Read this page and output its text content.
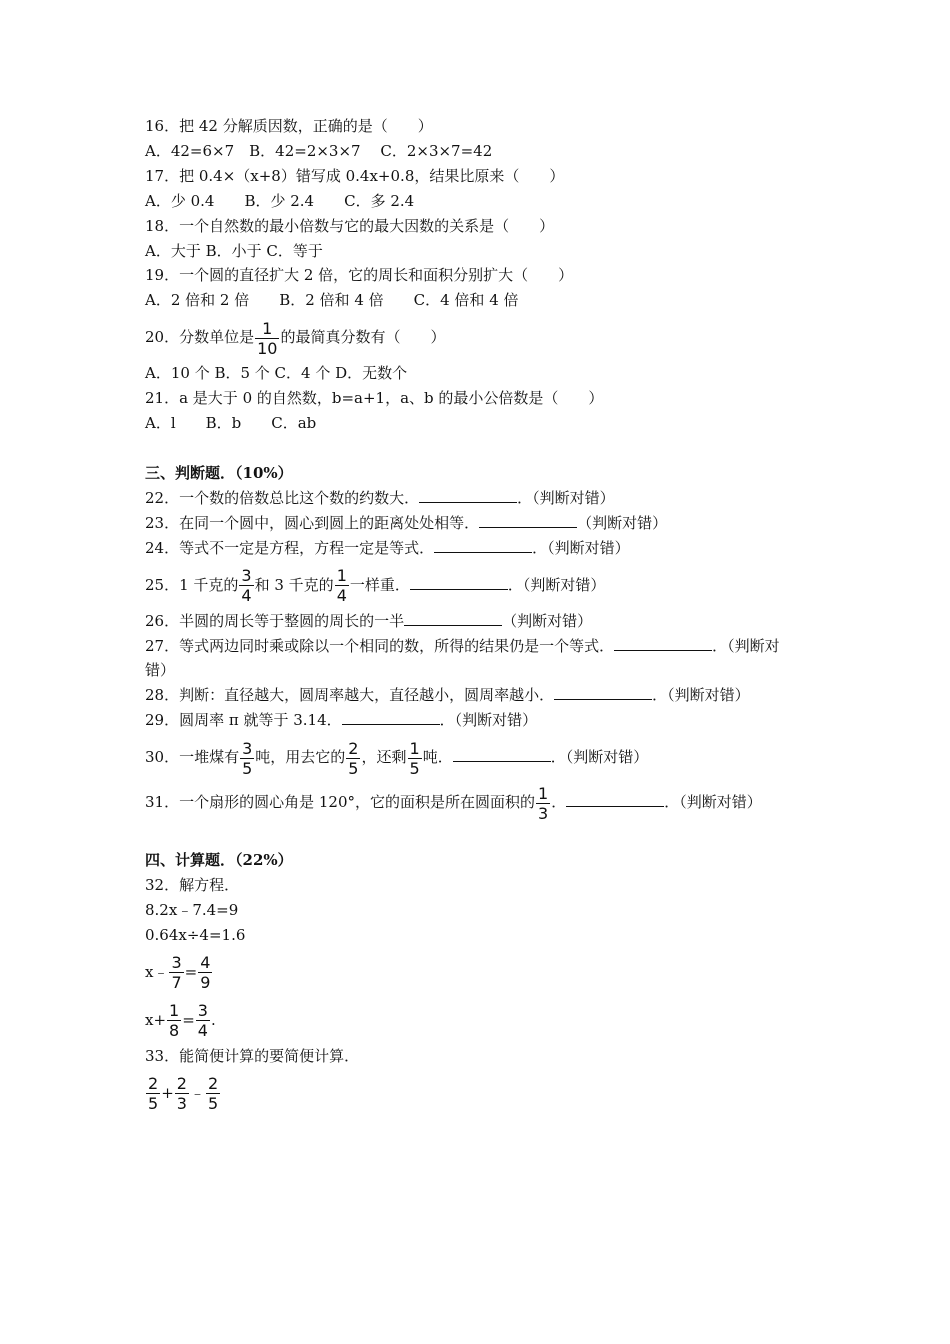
16．把 42 分解质因数，正确的是（　　）
A．42=6×7　B．42=2×3×7　 C．2×3×7=42
17．把 0.4×（x+8）错写成 0.4x+0.8，结果比原来（　　）
A．少 0.4　　B．少 2.4　　C．多 2.4
18．一个自然数的最小倍数与它的最大因数的关系是（　　）
A．大于 B．小于 C．等于
19．一个圆的直径扩大 2 倍，它的周长和面积分别扩大（　　）
A．2 倍和 2 倍　　B．2 倍和 4 倍　　C．4 倍和 4 倍
20．分数单位是 $\frac{1}{10}$ 的最简真分数有（　　）
A．10 个 B．5 个 C．4 个 D．无数个
21．a 是大于 0 的自然数，b=a+1，a、b 的最小公倍数是（　　）
A．l　　B．b　　C．ab
三、判断题．（10%）
22．一个数的倍数总比这个数的约数大．	．（判断对错）
23．在同一个圆中，圆心到圆上的距离处处相等．	（判断对错）
24．等式不一定是方程，方程一定是等式．	．（判断对错）
25．1 千克的 $\frac{3}{4}$ 和 3 千克的 $\frac{1}{4}$ 一样重．	．（判断对错）
26．半圆的周长等于整圆的周长的一半	（判断对错）
27．等式两边同时乘或除以一个相同的数，所得的结果仍是一个等式．	．（判断对错）
28．判断：直径越大，圆周率越大，直径越小，圆周率越小．	．（判断对错）
29．圆周率 π 就等于 3.14．	．（判断对错）
30．一堆煤有 $\frac{3}{5}$ 吨，用去它的 $\frac{2}{5}$ ，还剩 $\frac{1}{5}$ 吨．	．（判断对错）
31．一个扇形的圆心角是 120°，它的面积是所在圆面积的 $\frac{1}{3}$ ．	．（判断对错）
四、计算题．（22%）
32．解方程．
8.2x﹣7.4=9
0.64x÷4=1.6
x﹣ $\frac{3}{7} = \frac{4}{9}$
$x+ \frac{1}{8} = \frac{3}{4}$ .
33．能简便计算的要简便计算．
$\frac{2}{5} + \frac{2}{3}$ ﹣ $\frac{2}{5}$
